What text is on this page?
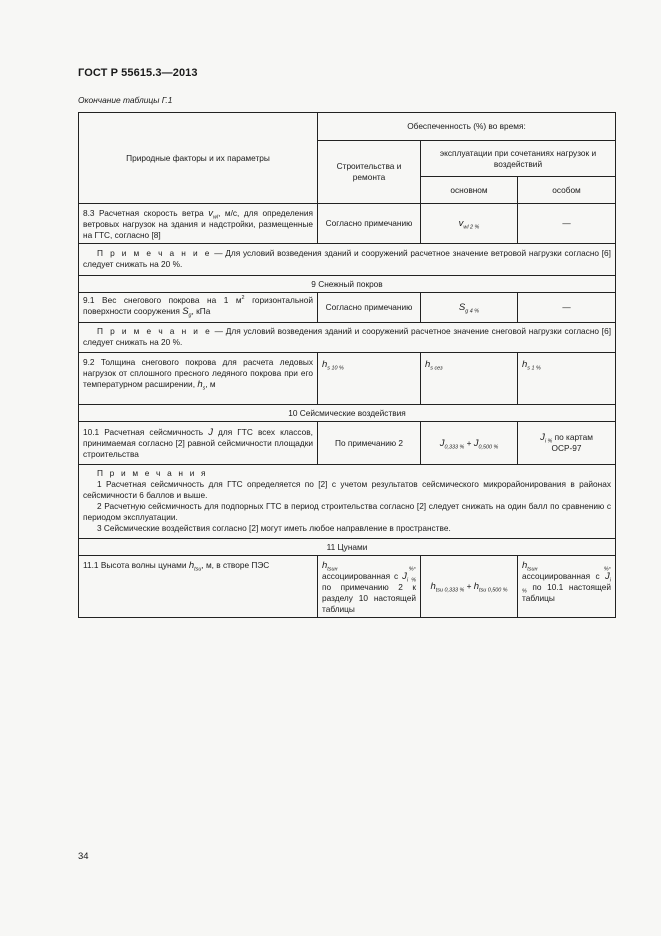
ГОСТ Р 55615.3—2013
Окончание таблицы Г.1
Природные факторы и их параметры	Обеспеченность (%) во время:		
	Строительства и ремонта	эксплуатации при сочетаниях нагрузок и воздействий	
		основном	особом
8.3 Расчетная скорость ветра $v_{wl}$, м/с, для определения ветровых нагрузок на здания и надстройки, размещенные на ГТС, согласно [8]	Согласно примечанию	$v_{wl 2 \%}$	—
П р и м е ч а н и е — Для условий возведения зданий и сооружений расчетное значение ветровой нагрузки согласно [6] следует снижать на 20 %.			
9 Снежный покров			
9.1 Вес снегового покрова на 1 $м^2$ горизонтальной поверхности сооружения $S_g$, кПа	Согласно примечанию	$S_{g 4 \%}$	—
П р и м е ч а н и е — Для условий возведения зданий и сооружений расчетное значение снеговой нагрузки согласно [6] следует снижать на 20 %.			
9.2 Толщина снегового покрова для расчета ледовых нагрузок от сплошного пресного ледяного покрова при его температурном расширении, $h_s$, м	$h_{s 10 \%}$	$h_{s сез}$	$h_{s 1 \%}$
10 Сейсмические воздействия			
10.1 Расчетная сейсмичность J для ГТС всех классов, принимаемая согласно [2] равной сейсмичности площадки строительства	По примечанию 2	$J_{0,333 \%} + J_{0,500 \%}$	$J_{i \%}$ по картам
ОСР-97

П р и м е ч а н и я
1 Расчетная сейсмичность для ГТС определяется по [2] с учетом результатов сейсмического микрорайонирования в районах сейсмичности 6 баллов и выше.
2 Расчетную сейсмичность для подпорных ГТС в период строительства согласно [2] следует снижать на один балл по сравнению с периодом эксплуатации.
3 Сейсмические воздействия согласно [2] могут иметь любое направление в пространстве.			

11 Цунами			
11.1 Высота волны цунами $h_{tsu}$, м, в створе ПЭС	$h_{tsuн \%}$, ассоциированная с $J_{i \%}$ по примечанию 2 к разделу 10 настоящей таблицы	$h_{tsu 0,333 \%} + h_{tsu 0,500 \%}$	$h_{tsuн \%}$, ассоциированная с $J_{i \%}$ по 10.1 настоящей таблицы
34
